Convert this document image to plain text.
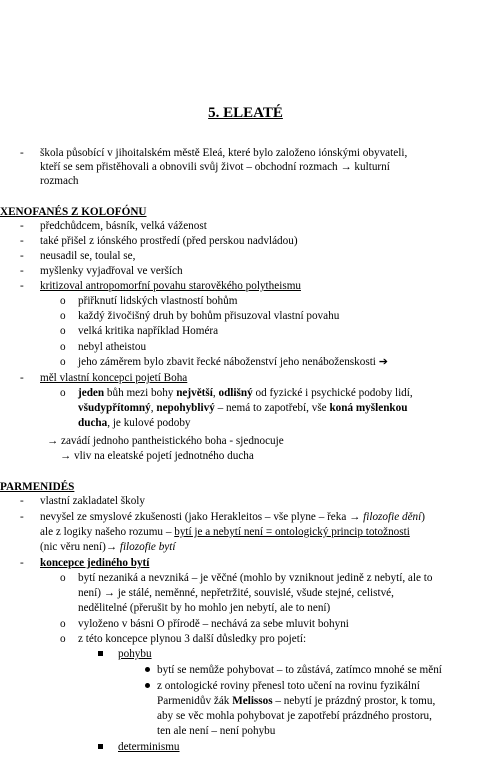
5. ELEATÉ
- škola působící v jihoitalském městě Eleá, které bylo založeno iónskými obyvateli,
kteří se sem přistěhovali a obnovili svůj život – obchodní rozmach → kulturní
rozmach
XENOFANÉS Z KOLOFÓNU
- předchůdcem, básník, velká váženost
- také přišel z iónského prostředí (před perskou nadvládou)
- neusadil se, toulal se,
- myšlenky vyjadřoval ve verších
- kritizoval antropomorfní povahu starověkého polytheismu
o přiřknutí lidských vlastností bohům
o každý živočišný druh by bohům přisuzoval vlastní povahu
o velká kritika například Homéra
o nebyl atheistou
o jeho záměrem bylo zbavit řecké náboženství jeho nenáboženskosti ➔
- měl vlastní koncepci pojetí Boha
o jeden bůh mezi bohy největší, odlišný od fyzické i psychické podoby lidí,
všudypřítomný, nepohyblivý – nemá to zapotřebí, vše koná myšlenkou
ducha, je kulové podoby
→ zavádí jednoho pantheistického boha - sjednocuje
→ vliv na eleatské pojetí jednotného ducha
PARMENIDÉS
- vlastní zakladatel školy
- nevyšel ze smyslové zkušenosti (jako Herakleitos – vše plyne – řeka → filozofie dění)
ale z logiky našeho rozumu – bytí je a nebytí není = ontologický princip totožnosti
(nic věru není)→ filozofie bytí
- koncepce jediného bytí
o bytí nezaniká a nevzniká – je věčné (mohlo by vzniknout jedině z nebytí, ale to
není) → je stálé, neměnné, nepřetržité, souvislé, všude stejné, celistvé,
nedělitelné (přerušit by ho mohlo jen nebytí, ale to není)
o vyloženo v básni O přírodě – nechává za sebe mluvit bohyni
o z této koncepce plynou 3 další důsledky pro pojetí:
pohybu
bytí se nemůže pohybovat – to zůstává, zatímco mnohé se mění
z ontologické roviny přenesl toto učení na rovinu fyzikální
Parmenidův žák Melissos – nebytí je prázdný prostor, k tomu,
aby se věc mohla pohybovat je zapotřebí prázdného prostoru,
ten ale není – není pohybu
determinismu
